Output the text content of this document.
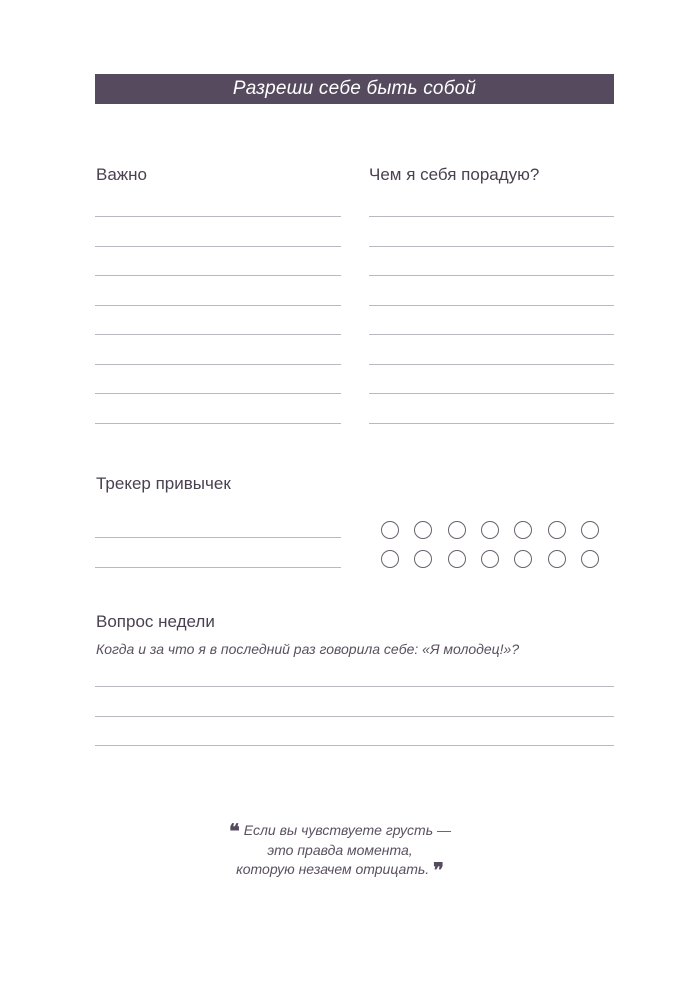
Разреши себе быть собой
Важно	Чем я себя порадую?
Трекер привычек
Вопрос недели
Когда и за что я в последний раз говорила себе: «Я молодец!»?
❝ Если вы чувствуете грусть —
это правда момента,
которую незачем отрицать. ❞
